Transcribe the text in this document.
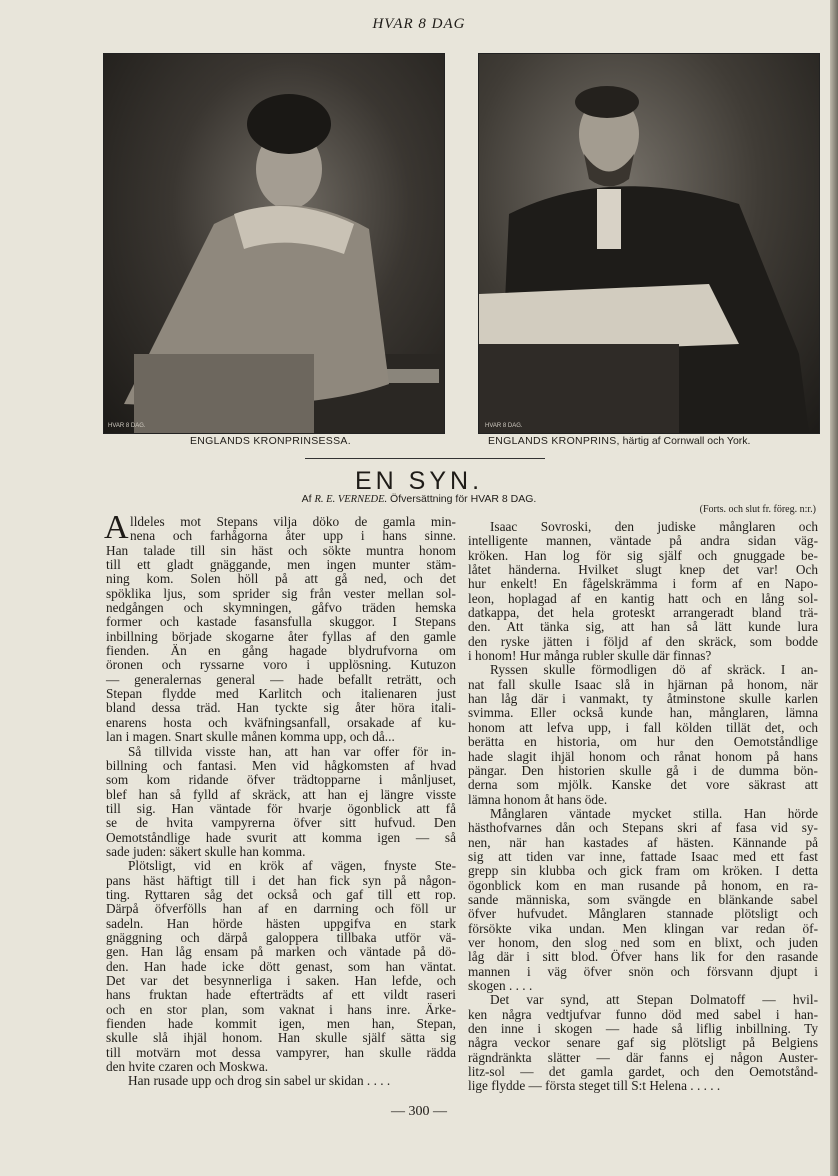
HVAR 8 DAG
HVAR 8 DAG.	HVAR 8 DAG.
ENGLANDS KRONPRINSESSA.	ENGLANDS KRONPRINS, härtig af Cornwall och York.
EN SYN.
Af R. E. VERNEDE. Öfversättning för HVAR 8 DAG.
(Forts. och slut fr. föreg. n:r.)
A lldeles mot Stepans vilja döko de gamla min-
nena och farhågorna åter upp i hans sinne.
Han talade till sin häst och sökte muntra honom
till ett gladt gnäggande, men ingen munter stäm-
ning kom. Solen höll på att gå ned, och det
spöklika ljus, som sprider sig från vester mellan sol-
nedgången och skymningen, gåfvo träden hemska
former och kastade fasansfulla skuggor. I Stepans
inbillning började skogarne åter fyllas af den gamle
fienden. Än en gång hagade blydrufvorna om
öronen och ryssarne voro i upplösning. Kutuzon
— generalernas general — hade befallt reträtt, och
Stepan flydde med Karlitch och italienaren just
bland dessa träd. Han tyckte sig åter höra itali-
enarens hosta och kväfningsanfall, orsakade af ku-
lan i magen. Snart skulle månen komma upp, och då...
Så tillvida visste han, att han var offer för in-
billning och fantasi. Men vid hågkomsten af hvad
som kom ridande öfver trädtopparne i månljuset,
blef han så fylld af skräck, att han ej längre visste
till sig. Han väntade för hvarje ögonblick att få
se de hvita vampyrerna öfver sitt hufvud. Den
Oemotståndlige hade svurit att komma igen — så
sade juden: säkert skulle han komma.
Plötsligt, vid en krök af vägen, fnyste Ste-
pans häst häftigt till i det han fick syn på någon-
ting. Ryttaren såg det också och gaf till ett rop.
Därpå öfverfölls han af en darrning och föll ur
sadeln. Han hörde hästen uppgifva en stark
gnäggning och därpå galoppera tillbaka utför vä-
gen. Han låg ensam på marken och väntade på dö-
den. Han hade icke dött genast, som han väntat.
Det var det besynnerliga i saken. Han lefde, och
hans fruktan hade efterträdts af ett vildt raseri
och en stor plan, som vaknat i hans inre. Ärke-
fienden hade kommit igen, men han, Stepan,
skulle slå ihjäl honom. Han skulle själf sätta sig
till motvärn mot dessa vampyrer, han skulle rädda
den hvite czaren och Moskwa.
Han rusade upp och drog sin sabel ur skidan . . . .
Isaac Sovroski, den judiske månglaren och
intelligente mannen, väntade på andra sidan väg-
kröken. Han log för sig själf och gnuggade be-
låtet händerna. Hvilket slugt knep det var! Och
hur enkelt! En fågelskrämma i form af en Napo-
leon, hoplagad af en kantig hatt och en lång sol-
datkappa, det hela groteskt arrangeradt bland trä-
den. Att tänka sig, att han så lätt kunde lura
den ryske jätten i följd af den skräck, som bodde
i honom! Hur många rubler skulle där finnas?
Ryssen skulle förmodligen dö af skräck. I an-
nat fall skulle Isaac slå in hjärnan på honom, när
han låg där i vanmakt, ty åtminstone skulle karlen
svimma. Eller också kunde han, månglaren, lämna
honom att lefva upp, i fall kölden tillät det, och
berätta en historia, om hur den Oemotståndlige
hade slagit ihjäl honom och rånat honom på hans
pängar. Den historien skulle gå i de dumma bön-
derna som mjölk. Kanske det vore säkrast att
lämna honom åt hans öde.
Månglaren väntade mycket stilla. Han hörde
hästhofvarnes dån och Stepans skri af fasa vid sy-
nen, när han kastades af hästen. Kännande på
sig att tiden var inne, fattade Isaac med ett fast
grepp sin klubba och gick fram om kröken. I detta
ögonblick kom en man rusande på honom, en ra-
sande människa, som svängde en blänkande sabel
öfver hufvudet. Månglaren stannade plötsligt och
försökte vika undan. Men klingan var redan öf-
ver honom, den slog ned som en blixt, och juden
låg där i sitt blod. Öfver hans lik for den rasande
mannen i väg öfver snön och försvann djupt i
skogen . . . .
Det var synd, att Stepan Dolmatoff — hvil-
ken några vedtjufvar funno död med sabel i han-
den inne i skogen — hade så liflig inbillning. Ty
några veckor senare gaf sig plötsligt på Belgiens
rägndränkta slätter — där fanns ej någon Auster-
litz-sol — det gamla gardet, och den Oemotstånd-
lige flydde — första steget till S:t Helena . . . . .
— 300 —
